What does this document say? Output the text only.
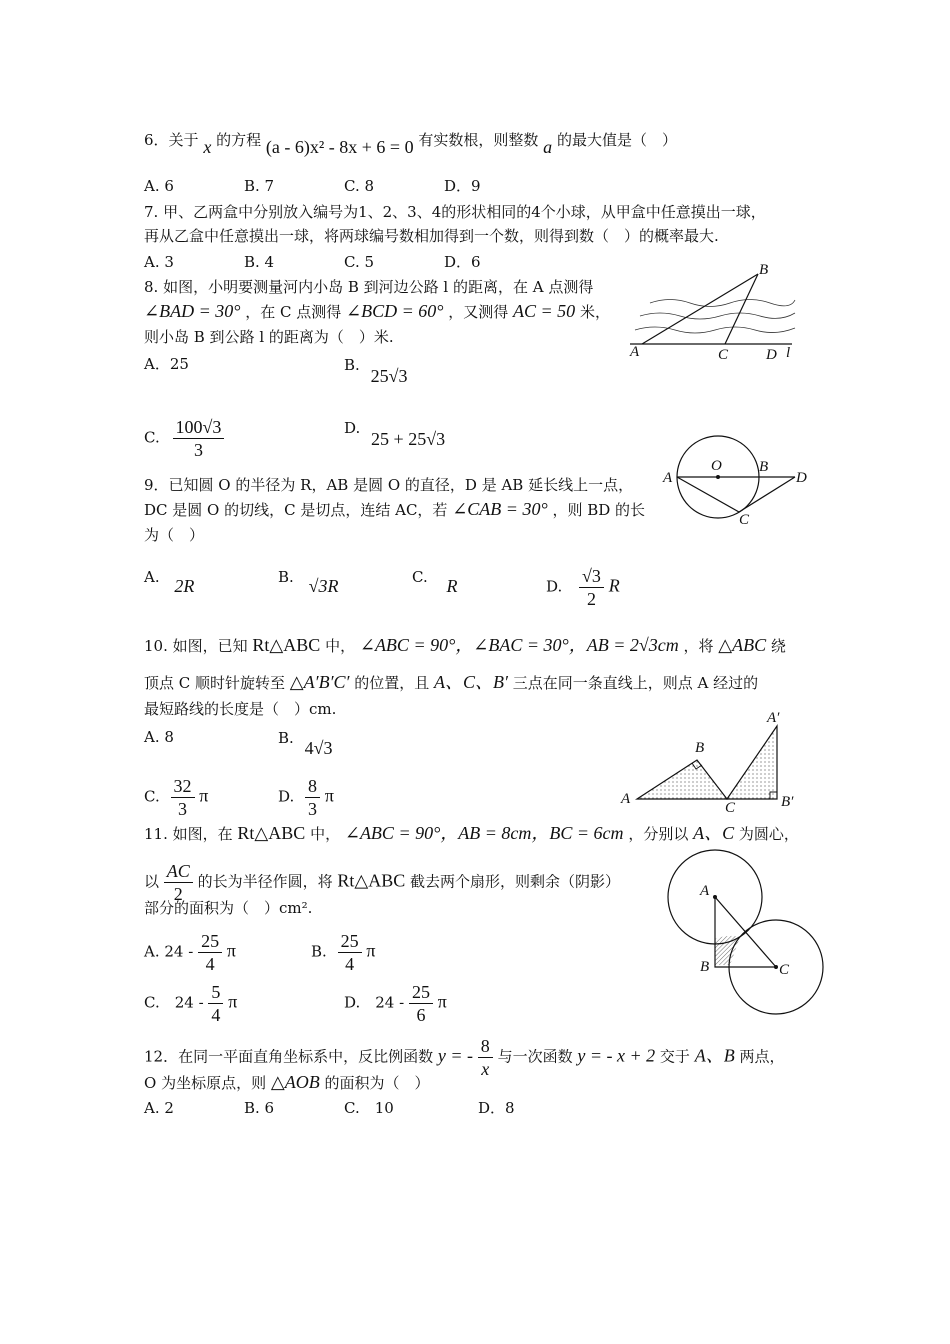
6．关于 x 的方程 (a - 6)x² - 8x + 6 = 0 有实数根，则整数 a 的最大值是（　）
A. 6	B. 7	C. 8	D．9
7. 甲、乙两盒中分别放入编号为1、2、3、4的形状相同的4个小球，从甲盒中任意摸出一球，
再从乙盒中任意摸出一球，将两球编号数相加得到一个数，则得到数（　）的概率最大.
A. 3	B. 4	C. 5	D．6
8. 如图，小明要测量河内小岛 B 到河边公路 l 的距离，在 A 点测得
∠BAD = 30° ，在 C 点测得 ∠BCD = 60° ，又测得 AC = 50 米，
则小岛 B 到公路 l 的距离为（　）米.
A．25	B. 25√3
C. $\frac{100√3}{3}$	D. 25 + 25√3
B
A	C	D l
9．已知圆 O 的半径为 R，AB 是圆 O 的直径，D 是 AB 延长线上一点，
DC 是圆 O 的切线，C 是切点，连结 AC，若 ∠CAB = 30° ，则 BD 的长
为（　）
A. 2R	B. √3R	C. R	D. $\frac{√3}{2}$ R
A
O B
D
C
10. 如图，已知 Rt△ABC 中， ∠ABC = 90°，∠BAC = 30°，AB = 2√3cm ，将 △ABC 绕
顶点 C 顺时针旋转至 △A′B′C′ 的位置，且 A、C、B′ 三点在同一条直线上，则点 A 经过的
最短路线的长度是（　）cm.
A. 8	B. 4√3
C. $\frac{32}{3}$ π	D. $\frac{8}{3}$ π
A′
B
A
C	B′
11. 如图，在 Rt△ABC 中， ∠ABC = 90°，AB = 8cm，BC = 6cm ，分别以 A、C 为圆心，
以 $\frac{AC}{2}$ 的长为半径作圆，将 Rt△ABC 截去两个扇形，则剩余（阴影）
部分的面积为（　）cm².
A. $24 - \frac{25}{4}$ π	B. $\frac{25}{4}$ π
C.　$24 - \frac{5}{4}$ π	D.　$24 - \frac{25}{6}$ π
A
B	C
12．在同一平面直角坐标系中，反比例函数 y = - $\frac{8}{x}$ 与一次函数 y = - x + 2 交于 A、B 两点，
O 为坐标原点，则 △AOB 的面积为（　）
A. 2	B. 6	C.　10	D．8
